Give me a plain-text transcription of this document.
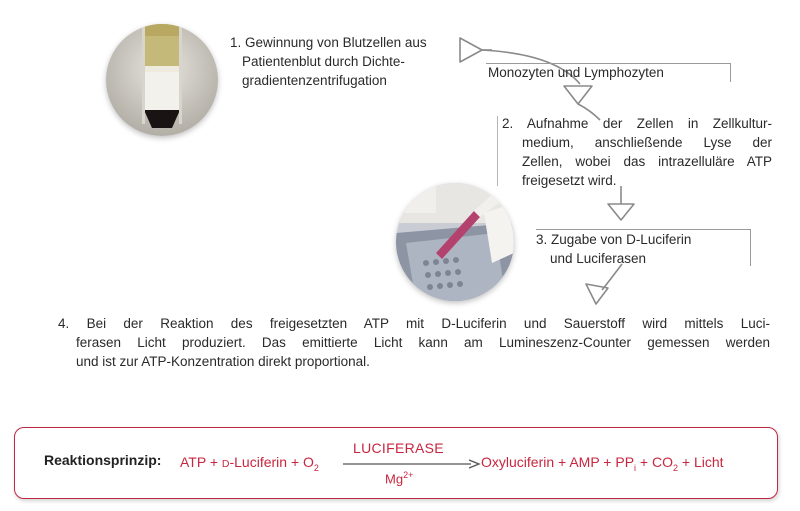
1. Gewinnung von Blutzellen aus
Patientenblut durch Dichte-
gradientenzentrifugation
Monozyten und Lymphozyten
2. Aufnahme der Zellen in Zellkultur-
medium, anschließende Lyse der
Zellen, wobei das intrazelluläre ATP
freigesetzt wird.
3. Zugabe von D-Luciferin
und Luciferasen
4. Bei der Reaktion des freigesetzten ATP mit D-Luciferin und Sauerstoff wird mittels Luci-
ferasen Licht produziert. Das emittierte Licht kann am Lumineszenz-Counter gemessen werden
und ist zur ATP-Konzentration direkt proportional.
Reaktionsprinzip: ATP + D-Luciferin + $O_2$
LUCIFERASE
$Mg^{2+}$
Oxyluciferin + AMP + $PP_i + CO_2$ + Licht
